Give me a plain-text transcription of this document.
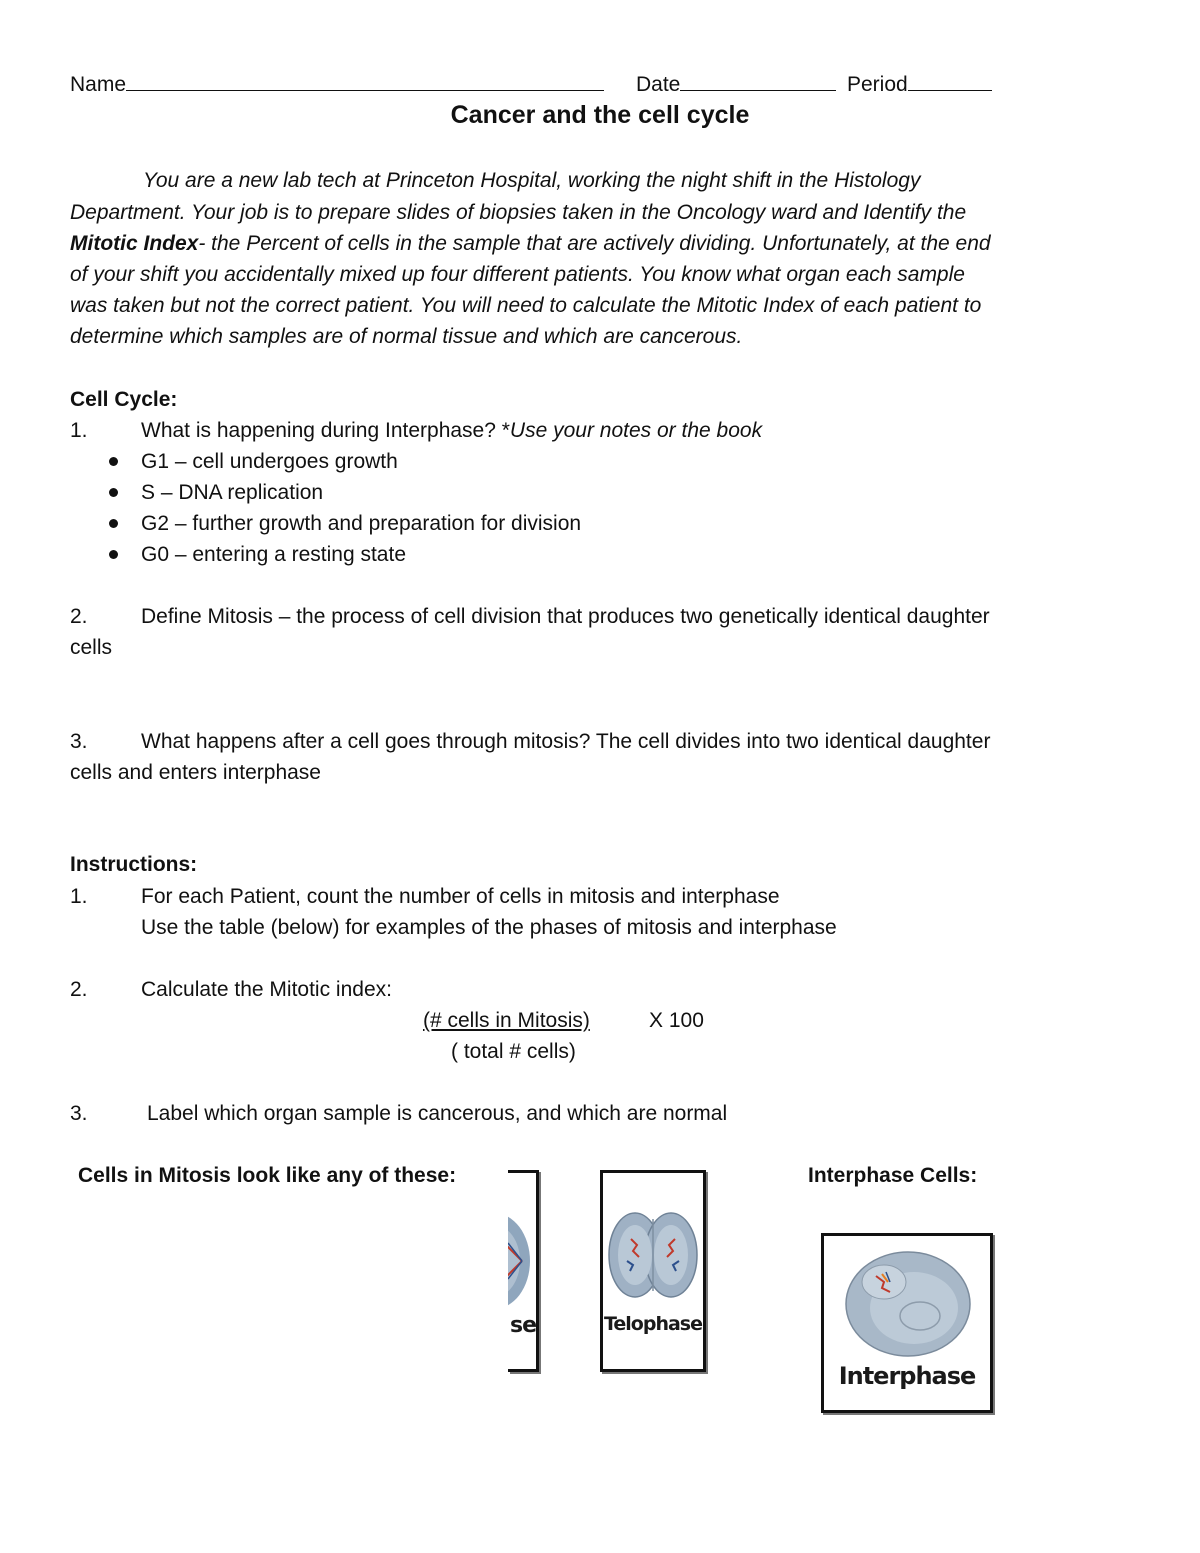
Name	Date	Period
Cancer and the cell cycle
You are a new lab tech at Princeton Hospital, working the night shift in the Histology
Department. Your job is to prepare slides of biopsies taken in the Oncology ward and Identify the
Mitotic Index- the Percent of cells in the sample that are actively dividing. Unfortunately, at the end
of your shift you accidentally mixed up four different patients. You know what organ each sample
was taken but not the correct patient. You will need to calculate the Mitotic Index of each patient to
determine which samples are of normal tissue and which are cancerous.
Cell Cycle:
1.	What is happening during Interphase? *Use your notes or the book
G1 – cell undergoes growth
S – DNA replication
G2 – further growth and preparation for division
G0 – entering a resting state
2.	Define Mitosis – the process of cell division that produces two genetically identical daughter
cells
3.	What happens after a cell goes through mitosis? The cell divides into two identical daughter
cells and enters interphase
Instructions:
1.	For each Patient, count the number of cells in mitosis and interphase
Use the table (below) for examples of the phases of mitosis and interphase
2.	Calculate the Mitotic index:
(# cells in Mitosis)	X 100
( total # cells)
3.	Label which organ sample is cancerous, and which are normal
Cells in Mitosis look like any of these:	Interphase Cells:
se	Telophase
Interphase
